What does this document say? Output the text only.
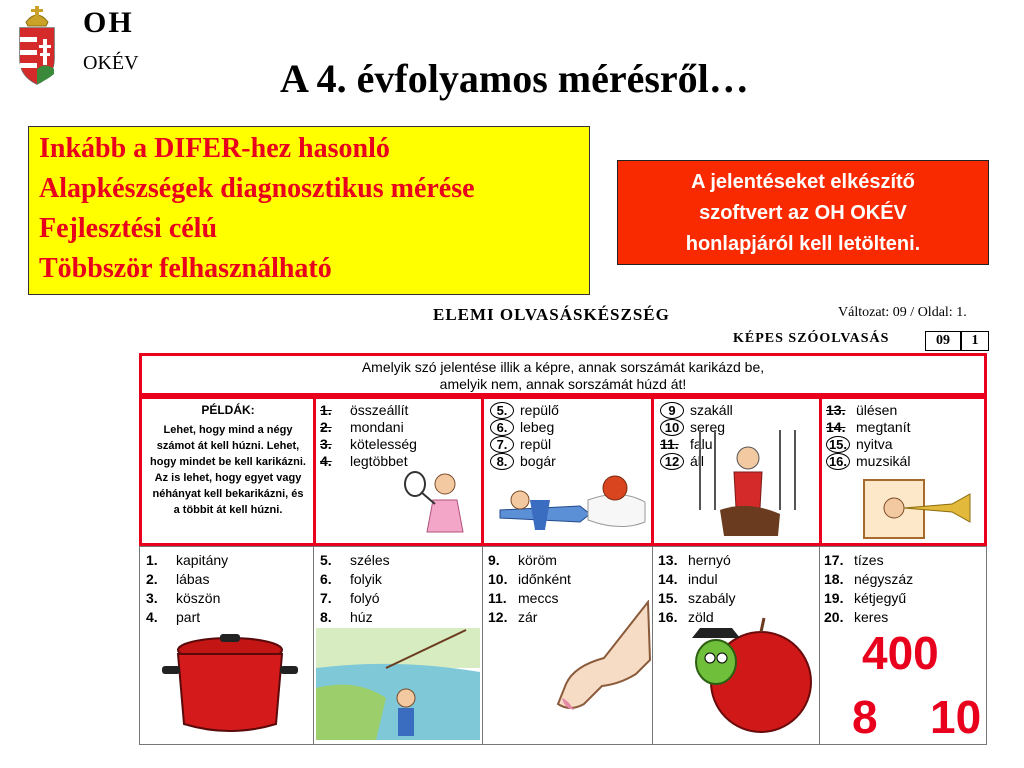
OH
OKÉV	A 4. évfolyamos mérésről…
Inkább a DIFER-hez hasonló
Alapkészségek diagnosztikus mérése
Fejlesztési célú
Többször felhasználható
A jelentéseket elkészítő
szoftvert az OH OKÉV
honlapjáról kell letölteni.
ELEMI OLVASÁSKÉSZSÉG	Változat: 09 / Oldal: 1.
KÉPES SZÓOLVASÁS	09	1
Amelyik szó jelentése illik a képre, annak sorszámát karikázd be,
amelyik nem, annak sorszámát húzd át!
PÉLDÁK:
Lehet, hogy mind a négy számot át kell húzni. Lehet, hogy mindet be kell karikázni. Az is lehet, hogy egyet vagy néhányat kell bekarikázni, és a többit át kell húzni.
1.	összeállít
2.	mondani
3.	kötelesség
4.	legtöbbet
5. repülő
6. lebeg
7. repül
8. bogár
9	szakáll
10 sereg
11. falu
12 áll
13. ülésen
14. megtanít
15. nyitva
16. muzsikál
1.	kapitány
2.	lábas
3.	köszön
4.	part
5.	széles
6.	folyik
7.	folyó
8.	húz
9.	köröm
10. időnként
11. meccs
12. zár
13. hernyó
14. indul
15. szabály
16. zöld
17. tízes
18. négyszáz
19. kétjegyű
20. keres
400
8 10
